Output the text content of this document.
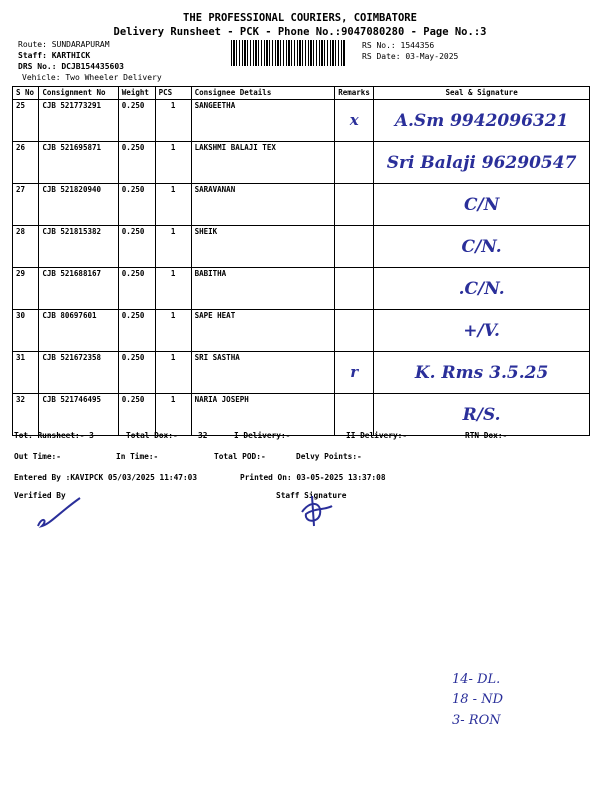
THE PROFESSIONAL COURIERS, COIMBATORE
Delivery Runsheet - PCK - Phone No.:9047080280 - Page No.:3
Route: SUNDARAPURAM
Staff: KARTHICK
DRS No.: DCJB154435603
Vehicle: Two Wheeler Delivery
RS No.: 1544356
RS Date: 03-May-2025
S No	Consignment No	Weight	PCS	Consignee Details	Remarks	Seal & Signature
25	CJB 521773291	0.250	1	SANGEETHA	x	A.Sm 9942096321

26	CJB 521695871	0.250	1	LAKSHMI BALAJI TEX		Sri Balaji 96290547

27	CJB 521820940	0.250	1	SARAVANAN		C/N

28	CJB 521815382	0.250	1	SHEIK		C/N.

29	CJB 521688167	0.250	1	BABITHA		.C/N.

30	CJB 80697601	0.250	1	SAPE HEAT		+/V.

31	CJB 521672358	0.250	1	SRI SASTHA	r	K. Rms 3.5.25

32	CJB 521746495	0.250	1	NARIA JOSEPH		R/S.
Tot. Runsheet:- 3	Total Dox:-	32	I Delivery:-	II Delivery:-	RTN Dox:-
Out Time:-	In Time:-	Total POD:-	Delvy Points:-
Entered By :KAVIPCK 05/03/2025 11:47:03	Printed On: 03-05-2025 13:37:08
Verified By	Staff Signature
14- DL.
18 - ND
3- RON
